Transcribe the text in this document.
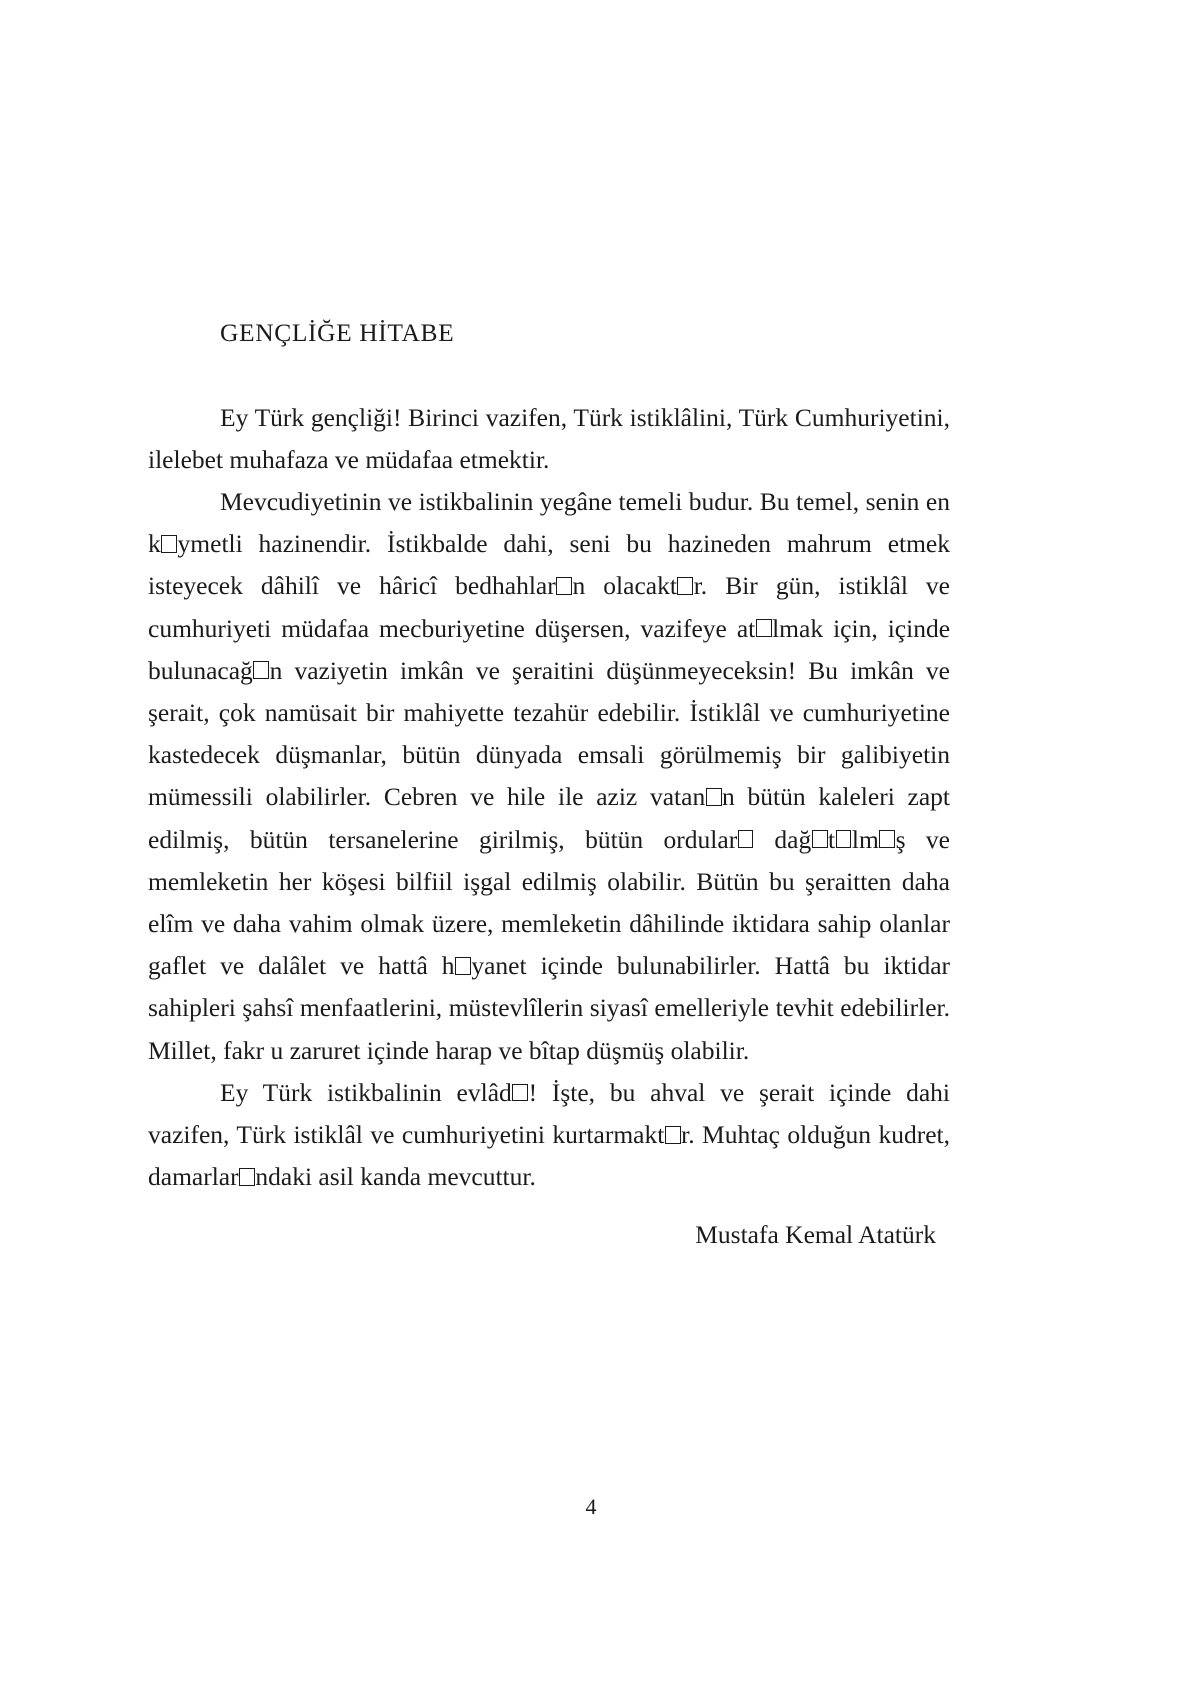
GENÇLİĞE HİTABE

Ey Türk gençliği! Birinci vazifen, Türk istiklâlini, Türk Cumhuriyetini, ilelebet muhafaza ve müdafaa etmektir.

Mevcudiyetinin ve istikbalinin yegâne temeli budur. Bu temel, senin en k ymetli hazinendir. İstikbalde dahi, seni bu hazineden mahrum etmek isteyecek dâhilî ve hâricî bedhahlar n olacakt r. Bir gün, istiklâl ve cumhuriyeti müdafaa mecburiyetine düşersen, vazifeye at lmak için, içinde bulunacağ n vaziyetin imkân ve şeraitini düşünmeyeceksin! Bu imkân ve şerait, çok namüsait bir mahiyette tezahür edebilir. İstiklâl ve cumhuriyetine kastedecek düşmanlar, bütün dünyada emsali görülmemiş bir galibiyetin mümessili olabilirler. Cebren ve hile ile aziz vatan n bütün kaleleri zapt edilmiş, bütün tersanelerine girilmiş, bütün ordular dağ t lm ş ve memleketin her köşesi bilfiil işgal edilmiş olabilir. Bütün bu şeraitten daha elîm ve daha vahim olmak üzere, memleketin dâhilinde iktidara sahip olanlar gaflet ve dalâlet ve hattâ h yanet içinde bulunabilirler. Hattâ bu iktidar sahipleri şahsî menfaatlerini, müstevlîlerin siyasî emelleriyle tevhit edebilirler. Millet, fakr u zaruret içinde harap ve bîtap düşmüş olabilir.

Ey Türk istikbalinin evlâd ! İşte, bu ahval ve şerait içinde dahi vazifen, Türk istiklâl ve cumhuriyetini kurtarmakt r. Muhtaç olduğun kudret, damarlar ndaki asil kanda mevcuttur.

Mustafa Kemal Atatürk
4
